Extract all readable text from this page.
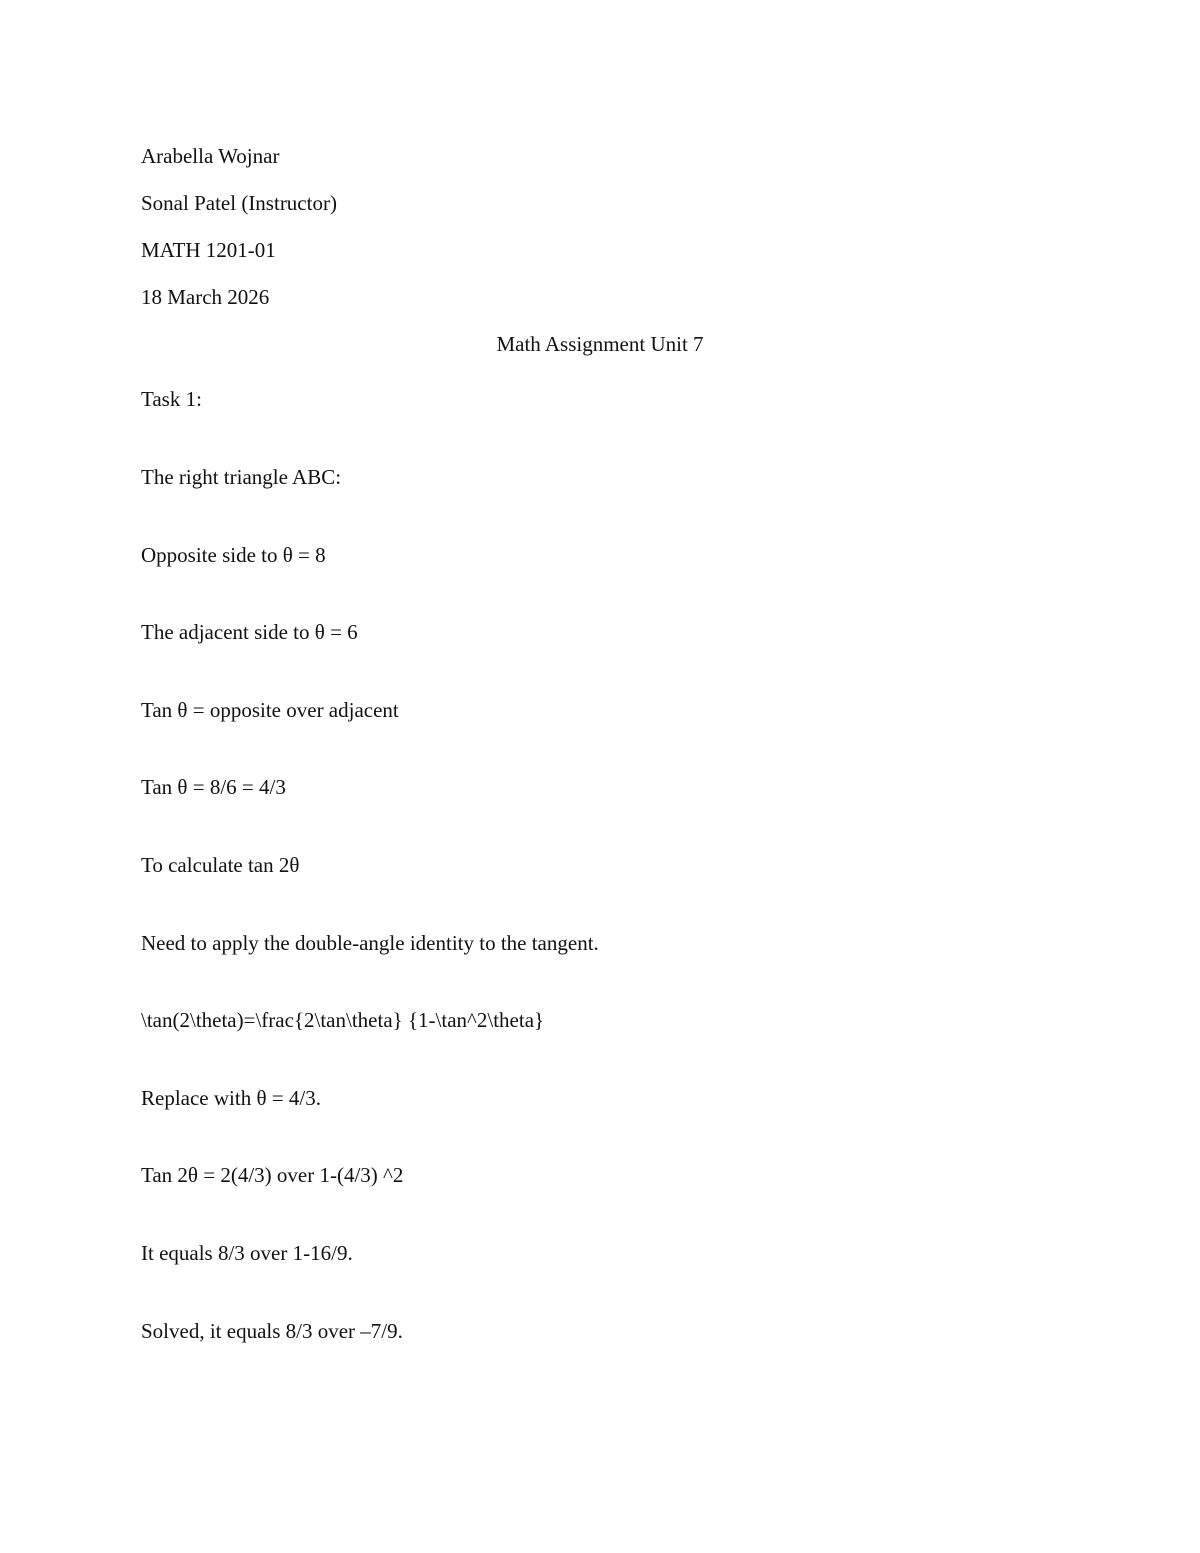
Arabella Wojnar
Sonal Patel (Instructor)
MATH 1201-01
18 March 2026
Math Assignment Unit 7
Task 1:
The right triangle ABC:
Opposite side to θ = 8
The adjacent side to θ = 6
Tan θ = opposite over adjacent
Tan θ = 8/6 = 4/3
To calculate tan 2θ
Need to apply the double-angle identity to the tangent.
\tan(2\theta)=\frac{2\tan\theta} {1-\tan^2\theta}
Replace with θ = 4/3.
Tan 2θ = 2(4/3) over 1-(4/3) ^2
It equals 8/3 over 1-16/9.
Solved, it equals 8/3 over –7/9.
